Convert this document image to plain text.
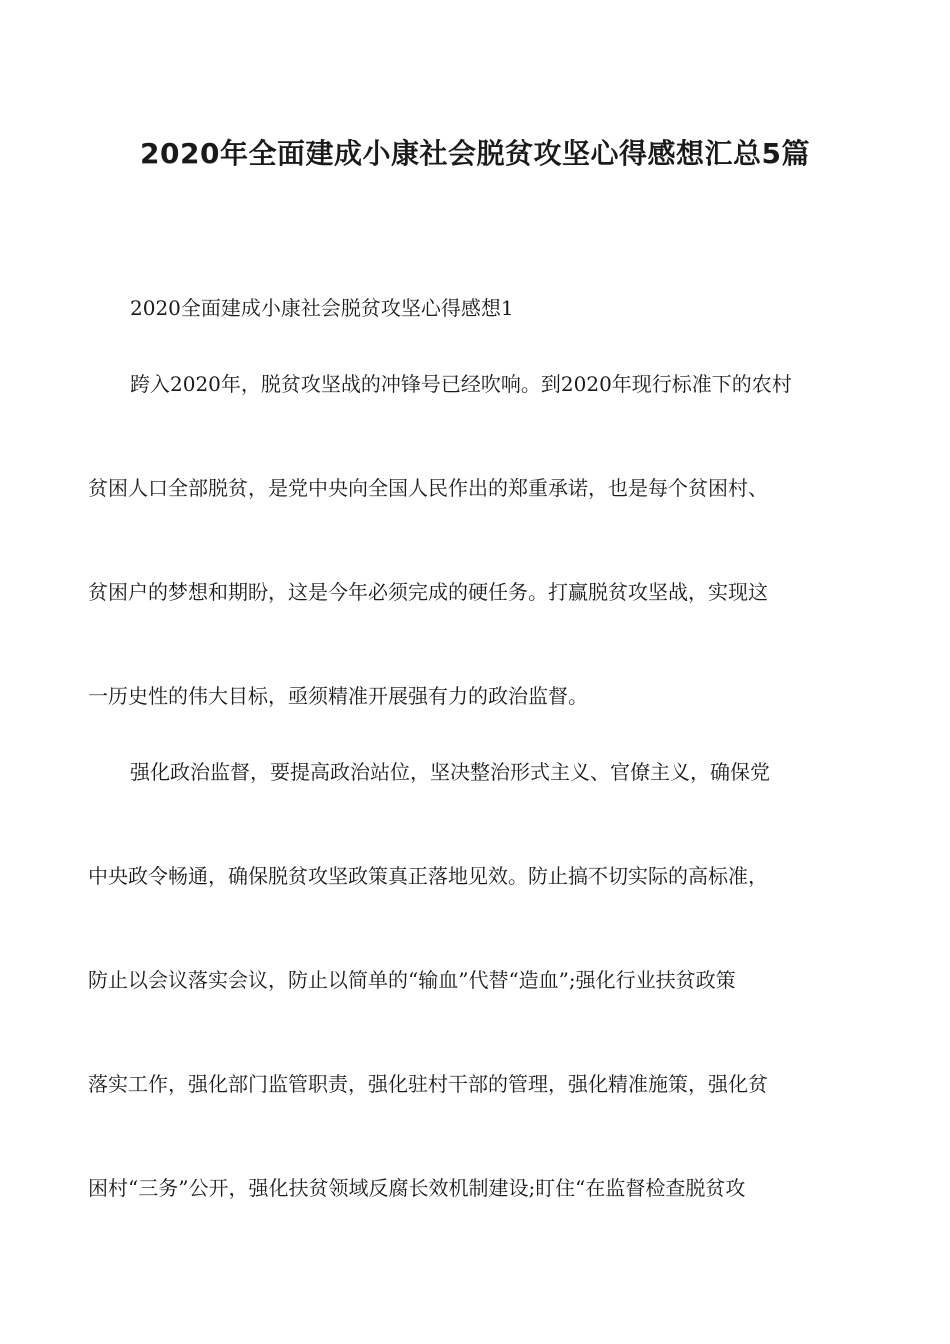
2020年全面建成小康社会脱贫攻坚心得感想汇总5篇
2020全面建成小康社会脱贫攻坚心得感想1
跨入2020年，脱贫攻坚战的冲锋号已经吹响。到2020年现行标准下的农村
贫困人口全部脱贫，是党中央向全国人民作出的郑重承诺，也是每个贫困村、
贫困户的梦想和期盼，这是今年必须完成的硬任务。打赢脱贫攻坚战，实现这
一历史性的伟大目标，亟须精准开展强有力的政治监督。
强化政治监督，要提高政治站位，坚决整治形式主义、官僚主义，确保党
中央政令畅通，确保脱贫攻坚政策真正落地见效。防止搞不切实际的高标准，
防止以会议落实会议，防止以简单的“输血”代替“造血”;强化行业扶贫政策
落实工作，强化部门监管职责，强化驻村干部的管理，强化精准施策，强化贫
困村“三务”公开，强化扶贫领域反腐长效机制建设;盯住“在监督检查脱贫攻
